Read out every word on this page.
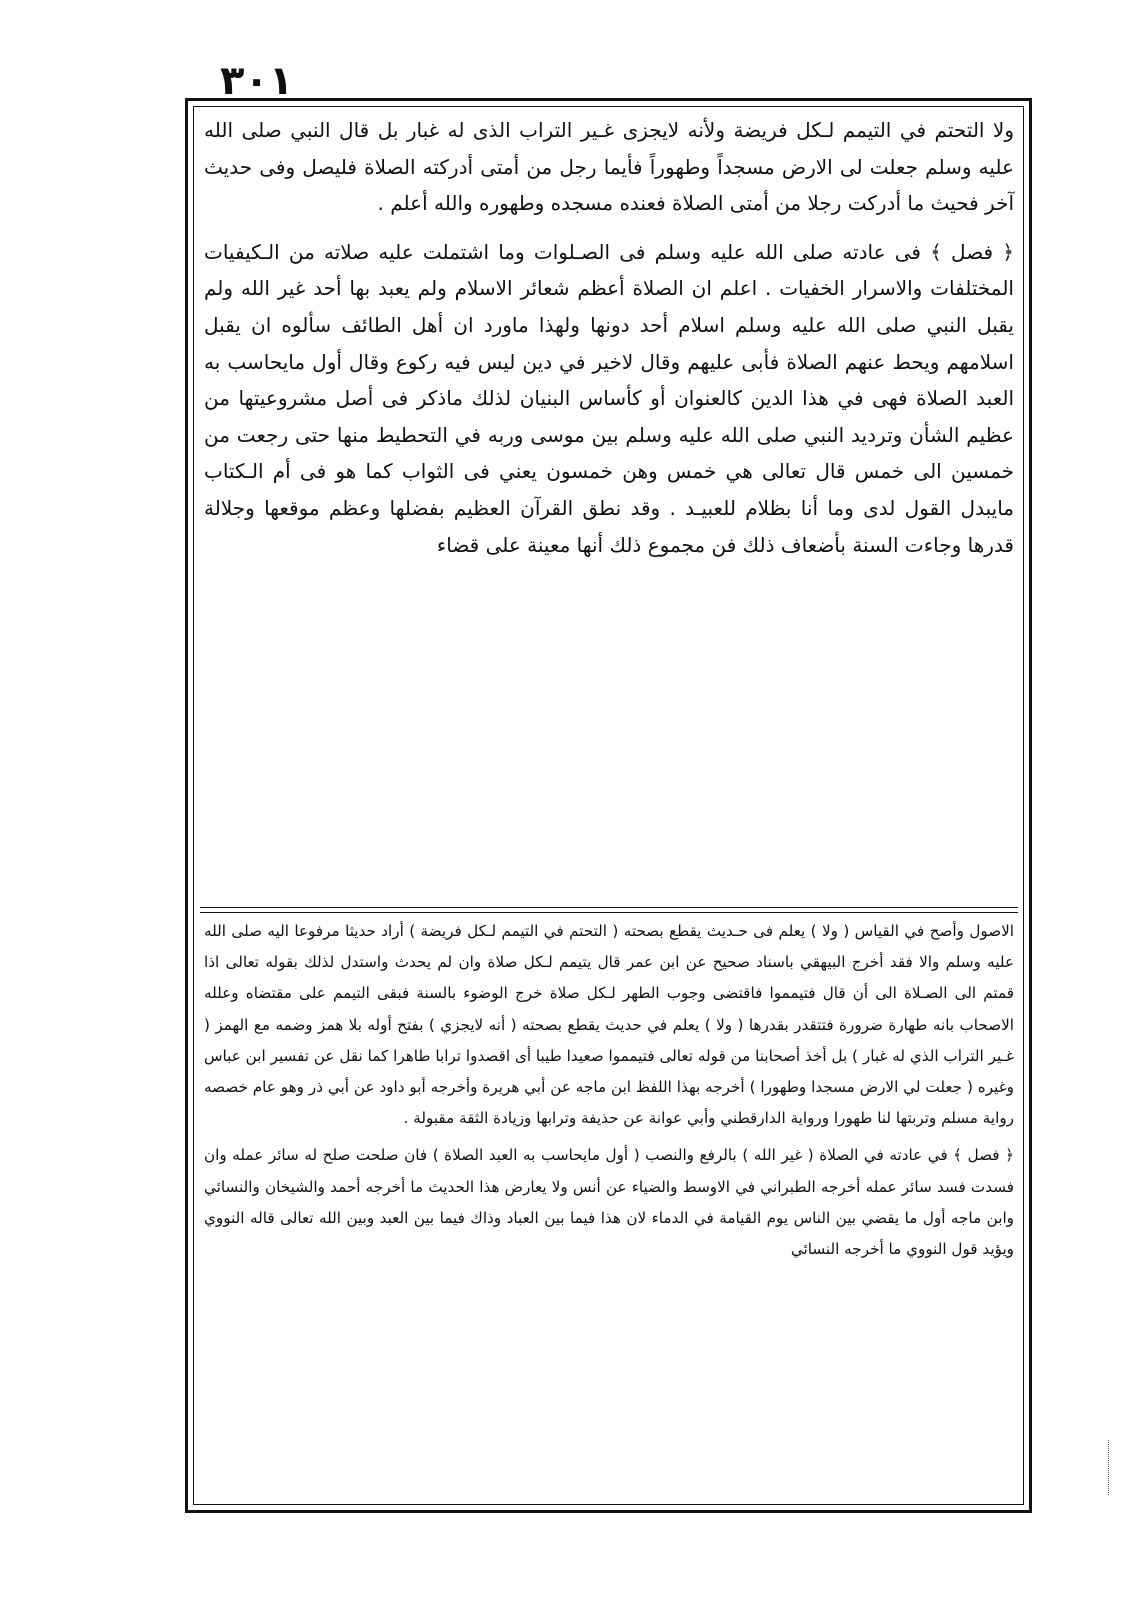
٣٠١

ولا التحتم في التيمم لـكل فريضة ولأنه لايجزى غـير التراب الذى له غبار بل قال النبي صلى الله عليه وسلم جعلت لى الارض مسجداً وطهوراً فأيما رجل من أمتى أدركته الصلاة فليصل وفى حديث آخر فحيث ما أدركت رجلا من أمتى الصلاة فعنده مسجده وطهوره والله أعلم .

﴿ فصل ﴾ فى عادته صلى الله عليه وسلم فى الصـلوات وما اشتملت عليه صلاته من الـكيفيات المختلفات والاسرار الخفيات . اعلم ان الصلاة أعظم شعائر الاسلام ولم يعبد بها أحد غير الله ولم يقبل النبي صلى الله عليه وسلم اسلام أحد دونها ولهذا ماورد ان أهل الطائف سألوه ان يقبل اسلامهم ويحط عنهم الصلاة فأبى عليهم وقال لاخير في دين ليس فيه ركوع وقال أول مايحاسب به العبد الصلاة فهى في هذا الدين كالعنوان أو كأساس البنيان لذلك ماذكر فى أصل مشروعيتها من عظيم الشأن وترديد النبي صلى الله عليه وسلم بين موسى وربه في التحطيط منها حتى رجعت من خمسين الى خمس قال تعالى هي خمس وهن خمسون يعني فى الثواب كما هو فى أم الـكتاب مايبدل القول لدى وما أنا بظلام للعبيـد . وقد نطق القرآن العظيم بفضلها وعظم موقعها وجلالة قدرها وجاءت السنة بأضعاف ذلك فن مجموع ذلك أنها معينة على قضاء

الاصول وأصح في القياس ( ولا ) يعلم فى حـديث يقطع بصحته ( التحتم في التيمم لـكل فريضة ) أراد حديثا مرفوعا اليه صلى الله عليه وسلم والا فقد أخرج البيهقي باسناد صحيح عن ابن عمر قال يتيمم لـكل صلاة وان لم يحدث واستدل لذلك بقوله تعالى اذا قمتم الى الصـلاة الى أن قال فتيمموا فاقتضى وجوب الطهر لـكل صلاة خرج الوضوء بالسنة فبقى التيمم على مقتضاه وعلله الاصحاب بانه طهارة ضرورة فتتقدر بقدرها ( ولا ) يعلم في حديث يقطع بصحته ( أنه لايجزي ) بفتح أوله بلا همز وضمه مع الهمز ( غـير التراب الذي له غبار ) بل أخذ أصحابنا من قوله تعالى فتيمموا صعيدا طيبا أى اقصدوا ترابا طاهرا كما نقل عن تفسير ابن عباس وغيره ( جعلت لي الارض مسجدا وطهورا ) أخرجه بهذا اللفظ ابن ماجه عن أبي هريرة وأخرجه أبو داود عن أبي ذر وهو عام خصصه رواية مسلم وتربتها لنا طهورا ورواية الدارقطني وأبي عوانة عن حذيفة وترابها وزيادة الثقة مقبولة .

﴿ فصل ﴾ في عادته في الصلاة ( غير الله ) بالرفع والنصب ( أول مايحاسب به العبد الصلاة ) فان صلحت صلح له سائر عمله وان فسدت فسد سائر عمله أخرجه الطبراني في الاوسط والضياء عن أنس ولا يعارض هذا الحديث ما أخرجه أحمد والشيخان والنسائي وابن ماجه أول ما يقضي بين الناس يوم القيامة في الدماء لان هذا فيما بين العباد وذاك فيما بين العبد وبين الله تعالى قاله النووي ويؤيد قول النووي ما أخرجه النسائي
